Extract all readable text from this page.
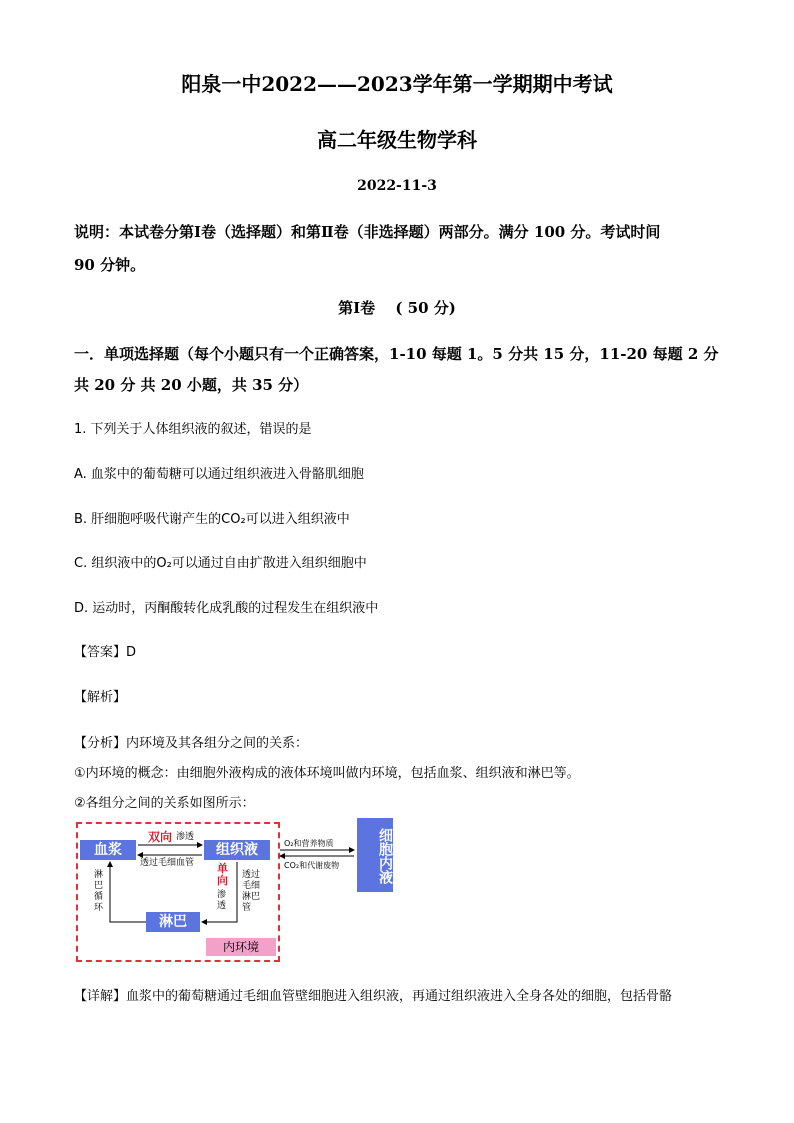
阳泉一中2022——2023学年第一学期期中考试
高二年级生物学科
2022-11-3
说明：本试卷分第Ⅰ卷（选择题）和第Ⅱ卷（非选择题）两部分。满分 100 分。考试时间
90 分钟。
第Ⅰ卷　 ( 50 分)
一．单项选择题（每个小题只有一个正确答案，1-10 每题 1。5 分共 15 分，11-20 每题 2 分
共 20 分 共 20 小题，共 35 分）
1. 下列关于人体组织液的叙述，错误的是
A. 血浆中的葡萄糖可以通过组织液进入骨骼肌细胞
B. 肝细胞呼吸代谢产生的CO₂可以进入组织液中
C. 组织液中的O₂可以通过自由扩散进入组织细胞中
D. 运动时，丙酮酸转化成乳酸的过程发生在组织液中
【答案】D
【解析】
【分析】内环境及其各组分之间的关系：
①内环境的概念：由细胞外液构成的液体环境叫做内环境，包括血浆、组织液和淋巴等。
②各组分之间的关系如图所示：
血浆	组织液
淋巴
内环境
细胞内液
双向 渗透
透过毛细血管 单向
渗透
透过毛细淋巴管
淋巴循环
O₂和营养物质
CO₂和代谢废物
【详解】血浆中的葡萄糖通过毛细血管壁细胞进入组织液，再通过组织液进入全身各处的细胞，包括骨骼
